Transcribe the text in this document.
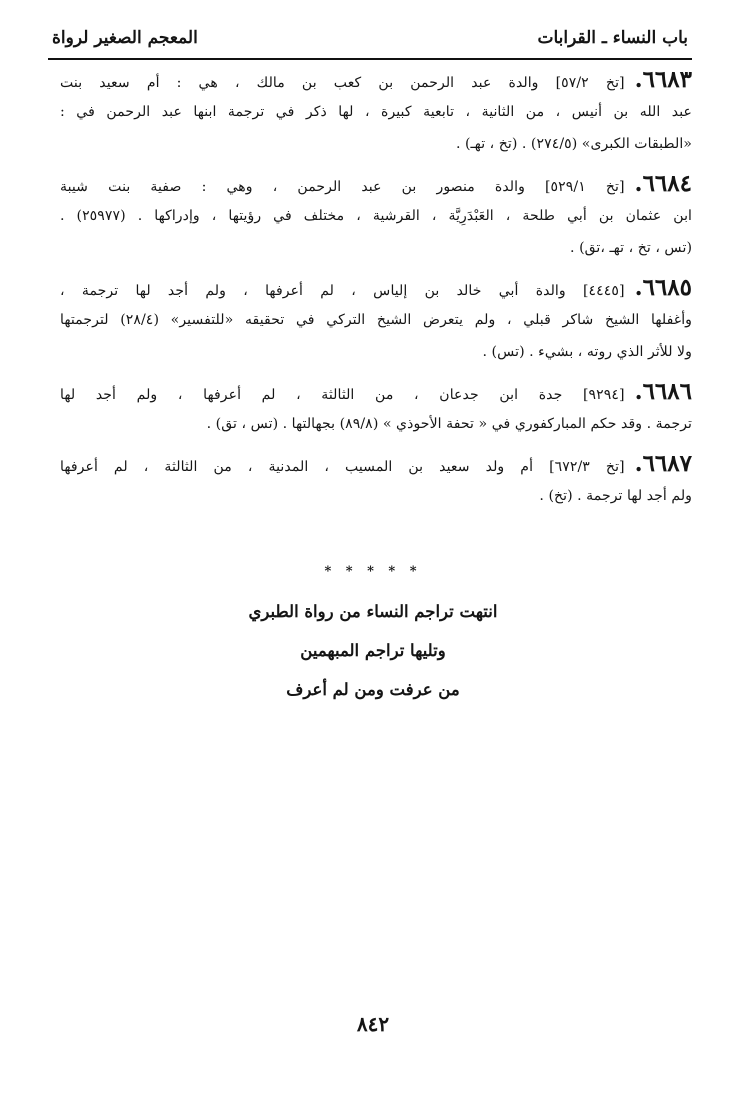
باب النساء ـ القرابات
المعجم الصغير لرواة
٦٦٨٣.[تخ ٥٧/٢] والدة عبد الرحمن بن كعب بن مالك ، هي : أم سعيد بنت
عبد الله بن أنيس ، من الثانية ، تابعية كبيرة ، لها ذكر في ترجمة ابنها عبد الرحمن في :
«الطبقات الكبرى» (٢٧٤/٥) . (تخ ، تهـ) .
٦٦٨٤.[تخ ٥٢٩/١] والدة منصور بن عبد الرحمن ، وهي : صفية بنت شيبة
ابن عثمان بن أبي طلحة ، العَبْدَرِيَّة ، القرشية ، مختلف في رؤيتها ، وإدراكها . (٢٥٩٧٧) .
(تس ، تخ ، تهـ ،تق) .
٦٦٨٥.[٤٤٤٥] والدة أبي خالد بن إلياس ، لم أعرفها ، ولم أجد لها ترجمة ،
وأغفلها الشيخ شاكر قبلي ، ولم يتعرض الشيخ التركي في تحقيقه «للتفسير» (٢٨/٤) لترجمتها
ولا للأثر الذي روته ، بشيء . (تس) .
٦٦٨٦.[٩٢٩٤] جدة ابن جدعان ، من الثالثة ، لم أعرفها ، ولم أجد لها
ترجمة . وقد حكم المباركفوري في « تحفة الأحوذي » (٨٩/٨) بجهالتها . (تس ، تق) .
٦٦٨٧.[تخ ٦٧٢/٣] أم ولد سعيد بن المسيب ، المدنية ، من الثالثة ، لم أعرفها
ولم أجد لها ترجمة . (تخ) .
* * * * *
انتهت تراجم النساء من رواة الطبري
وتليها تراجم المبهمين
من عرفت ومن لم أعرف
٨٤٢
